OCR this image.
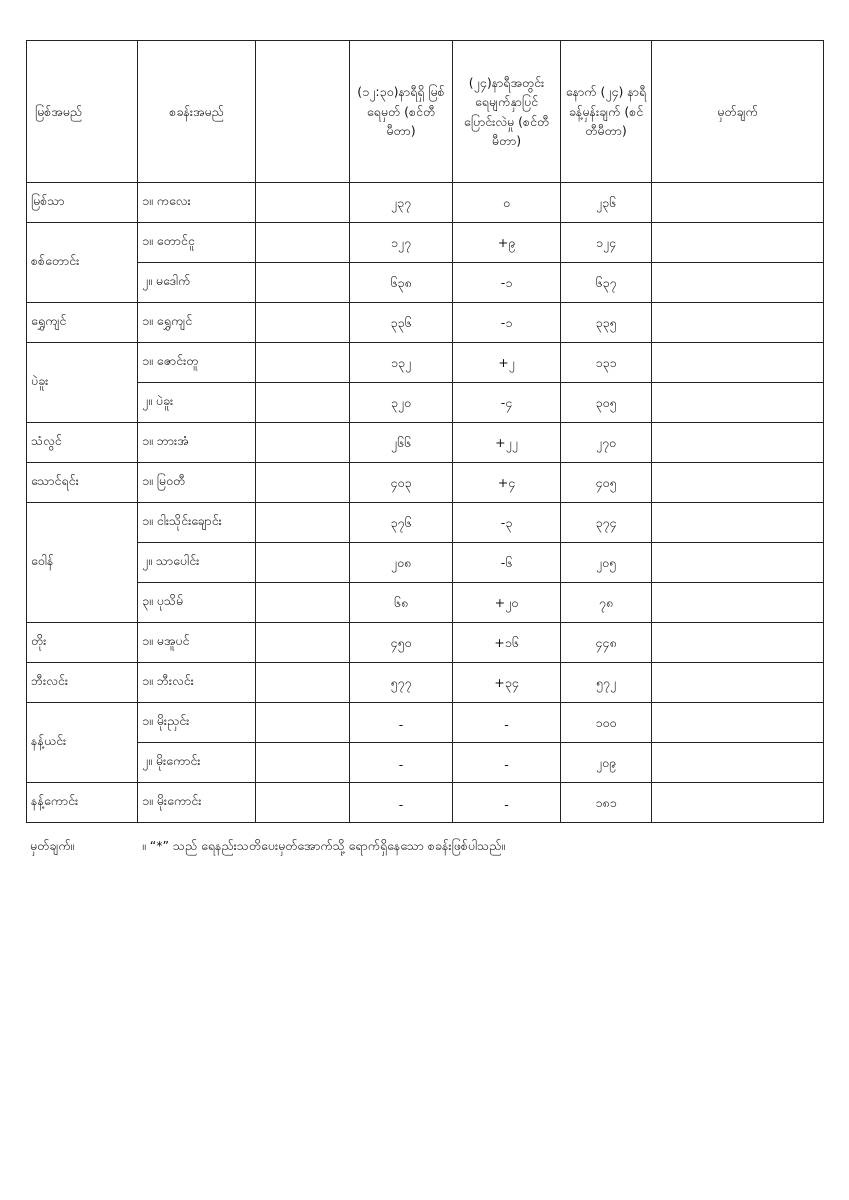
မြစ်အမည်	စခန်းအမည်		(၁၂:၃၀)နာရီရှိ မြစ်ရေမှတ် (စင်တီမီတာ)	(၂၄)နာရီအတွင်း ရေမျက်နှာပြင် ပြောင်းလဲမှု (စင်တီမီတာ)	နောက် (၂၄) နာရီ ခန့်မှန်းချက် (စင်တီမီတာ)	မှတ်ချက်
မြစ်သာ	၁။ ကလေး		၂၃၇	၀	၂၃၆	
စစ်တောင်း	၁။ တောင်ငူ		၁၂၇	+၉	၁၂၄	
	၂။ မဒေါက်		၆၃၈	-၁	၆၃၇	
ရွှေကျင်	၁။ ရွှေကျင်		၃၃၆	-၁	၃၃၅	
ပဲခူး	၁။ ဇောင်းတူ		၁၃၂	+၂	၁၃၁	
	၂။ ပဲခူး		၃၂၀	-၄	၃၀၅	
သံလွင်	၁။ ဘားအံ		၂၆၆	+၂၂	၂၇၀	
သောင်ရင်း	၁။ မြဝတီ		၄၀၃	+၄	၄၀၅	
ဝေါန်	၁။ ငါးသိုင်းချောင်း		၃၇၆	-၃	၃၇၄	
	၂။ သာပေါင်း		၂၀၈	-၆	၂၀၅	
	၃။ ပုသိမ်		၆၈	+၂၀	၇၈	
တိုး	၁။ မအူပင်		၄၅၀	+၁၆	၄၄၈	
ဘီးလင်း	၁။ ဘီးလင်း		၅၇၇	+၃၄	၅၇၂	
နန့်ယင်း	၁။ မိုးညှင်း		-	-	၁၀၀	
	၂။ မိုးကောင်း		-	-	၂၀၉	
နန့်ကောင်း	၁။ မိုးကောင်း		-	-	၁၈၁	
မှတ်ချက်။	။ “*” သည် ရေနည်းသတိပေးမှတ်အောက်သို့ ရောက်ရှိနေသော စခန်းဖြစ်ပါသည်။
